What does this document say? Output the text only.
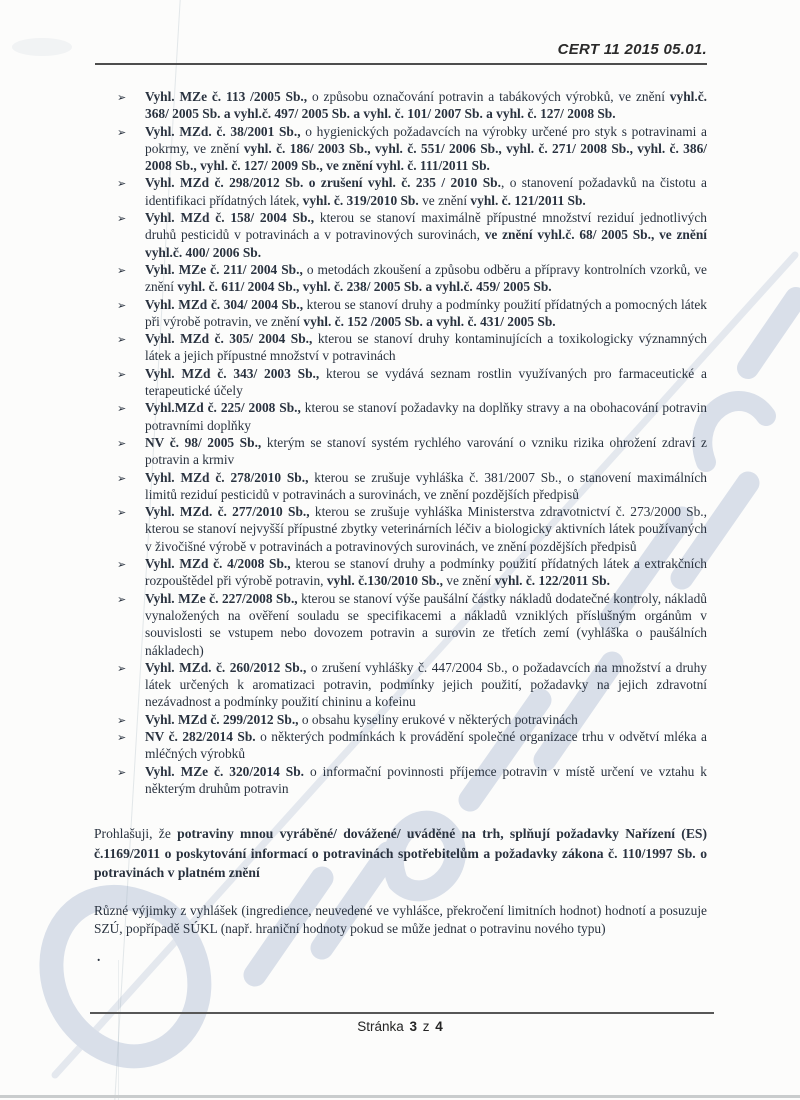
CERT 11 2015 05.01.
➢ Vyhl. MZe č. 113 /2005 Sb., o způsobu označování potravin a tabákových výrobků, ve znění vyhl.č. 368/ 2005 Sb. a vyhl.č. 497/ 2005 Sb. a vyhl. č. 101/ 2007 Sb. a vyhl. č. 127/ 2008 Sb.
➢ Vyhl. MZd. č. 38/2001 Sb., o hygienických požadavcích na výrobky určené pro styk s potravinami a pokrmy, ve znění vyhl. č. 186/ 2003 Sb., vyhl. č. 551/ 2006 Sb., vyhl. č. 271/ 2008 Sb., vyhl. č. 386/ 2008 Sb., vyhl. č. 127/ 2009 Sb., ve znění vyhl. č. 111/2011 Sb.
➢ Vyhl. MZd č. 298/2012 Sb. o zrušení vyhl. č. 235 / 2010 Sb., o stanovení požadavků na čistotu a identifikaci přídatných látek, vyhl. č. 319/2010 Sb. ve znění vyhl. č. 121/2011 Sb.
➢ Vyhl. MZd č. 158/ 2004 Sb., kterou se stanoví maximálně přípustné množství reziduí jednotlivých druhů pesticidů v potravinách a v potravinových surovinách, ve znění vyhl.č. 68/ 2005 Sb., ve znění vyhl.č. 400/ 2006 Sb.
➢ Vyhl. MZe č. 211/ 2004 Sb., o metodách zkoušení a způsobu odběru a přípravy kontrolních vzorků, ve znění vyhl. č. 611/ 2004 Sb., vyhl. č. 238/ 2005 Sb. a vyhl.č. 459/ 2005 Sb.
➢ Vyhl. MZd č. 304/ 2004 Sb., kterou se stanoví druhy a podmínky použití přídatných a pomocných látek při výrobě potravin, ve znění vyhl. č. 152 /2005 Sb. a vyhl. č. 431/ 2005 Sb.
➢ Vyhl. MZd č. 305/ 2004 Sb., kterou se stanoví druhy kontaminujících a toxikologicky významných látek a jejich přípustné množství v potravinách
➢ Vyhl. MZd č. 343/ 2003 Sb., kterou se vydává seznam rostlin využívaných pro farmaceutické a terapeutické účely
➢ Vyhl.MZd č. 225/ 2008 Sb., kterou se stanoví požadavky na doplňky stravy a na obohacování potravin potravními doplňky
➢ NV č. 98/ 2005 Sb., kterým se stanoví systém rychlého varování o vzniku rizika ohrožení zdraví z potravin a krmiv
➢ Vyhl. MZd č. 278/2010 Sb., kterou se zrušuje vyhláška č. 381/2007 Sb., o stanovení maximálních limitů reziduí pesticidů v potravinách a surovinách, ve znění pozdějších předpisů
➢ Vyhl. MZd. č. 277/2010 Sb., kterou se zrušuje vyhláška Ministerstva zdravotnictví č. 273/2000 Sb., kterou se stanoví nejvyšší přípustné zbytky veterinárních léčiv a biologicky aktivních látek používaných v živočišné výrobě v potravinách a potravinových surovinách, ve znění pozdějších předpisů
➢ Vyhl. MZd č. 4/2008 Sb., kterou se stanoví druhy a podmínky použití přídatných látek a extrakčních rozpouštědel při výrobě potravin, vyhl. č.130/2010 Sb., ve znění vyhl. č. 122/2011 Sb.
➢ Vyhl. MZe č. 227/2008 Sb., kterou se stanoví výše paušální částky nákladů dodatečné kontroly, nákladů vynaložených na ověření souladu se specifikacemi a nákladů vzniklých příslušným orgánům v souvislosti se vstupem nebo dovozem potravin a surovin ze třetích zemí (vyhláška o paušálních nákladech)
➢ Vyhl. MZd. č. 260/2012 Sb., o zrušení vyhlášky č. 447/2004 Sb., o požadavcích na množství a druhy látek určených k aromatizaci potravin, podmínky jejich použití, požadavky na jejich zdravotní nezávadnost a podmínky použití chininu a kofeinu
➢ Vyhl. MZd č. 299/2012 Sb., o obsahu kyseliny erukové v některých potravinách
➢ NV č. 282/2014 Sb. o některých podmínkách k provádění společné organizace trhu v odvětví mléka a mléčných výrobků
➢ Vyhl. MZe č. 320/2014 Sb. o informační povinnosti příjemce potravin v místě určení ve vztahu k některým druhům potravin

Prohlašuji, že potraviny mnou vyráběné/ dovážené/ uváděné na trh, splňují požadavky Nařízení (ES) č.1169/2011 o poskytování informací o potravinách spotřebitelům a požadavky zákona č. 110/1997 Sb. o potravinách v platném znění

Různé výjimky z vyhlášek (ingredience, neuvedené ve vyhlášce, překročení limitních hodnot) hodnotí a posuzuje SZÚ, popřípadě SÚKL (např. hraniční hodnoty pokud se může jednat o potravinu nového typu)

.
Stránka 3 z 4
